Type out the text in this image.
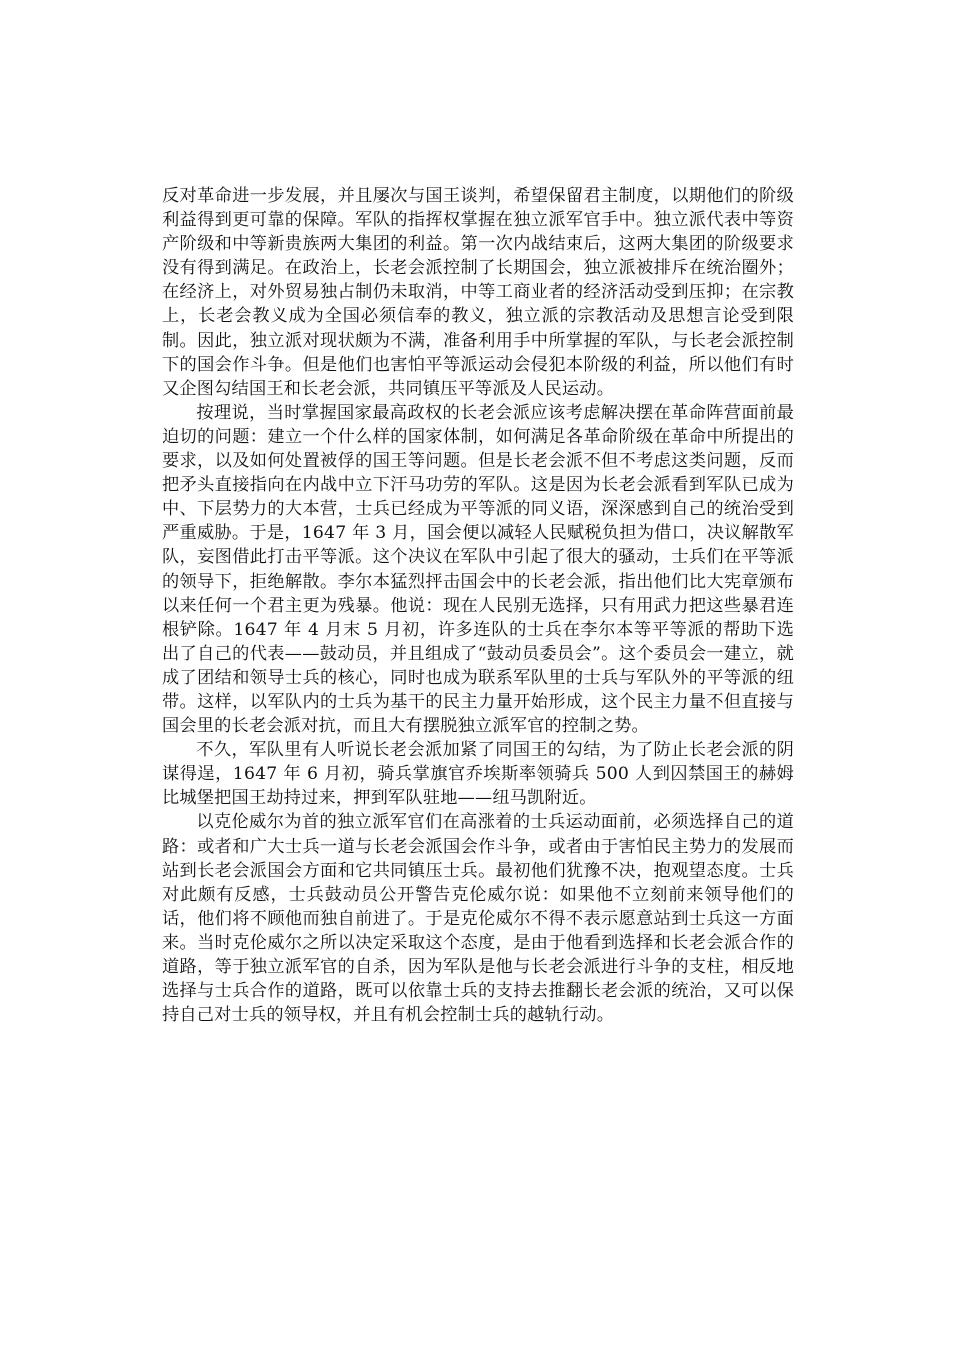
反对革命进一步发展，并且屡次与国王谈判，希望保留君主制度，以期他们的阶级利益得到更可靠的保障。军队的指挥权掌握在独立派军官手中。独立派代表中等资产阶级和中等新贵族两大集团的利益。第一次内战结束后，这两大集团的阶级要求没有得到满足。在政治上，长老会派控制了长期国会，独立派被排斥在统治圈外；在经济上，对外贸易独占制仍未取消，中等工商业者的经济活动受到压抑；在宗教上，长老会教义成为全国必须信奉的教义，独立派的宗教活动及思想言论受到限制。因此，独立派对现状颇为不满，准备利用手中所掌握的军队，与长老会派控制下的国会作斗争。但是他们也害怕平等派运动会侵犯本阶级的利益，所以他们有时又企图勾结国王和长老会派，共同镇压平等派及人民运动。

按理说，当时掌握国家最高政权的长老会派应该考虑解决摆在革命阵营面前最迫切的问题：建立一个什么样的国家体制，如何满足各革命阶级在革命中所提出的要求，以及如何处置被俘的国王等问题。但是长老会派不但不考虑这类问题，反而把矛头直接指向在内战中立下汗马功劳的军队。这是因为长老会派看到军队已成为中、下层势力的大本营，士兵已经成为平等派的同义语，深深感到自己的统治受到严重威胁。于是，1647 年 3 月，国会便以减轻人民赋税负担为借口，决议解散军队，妄图借此打击平等派。这个决议在军队中引起了很大的骚动，士兵们在平等派的领导下，拒绝解散。李尔本猛烈抨击国会中的长老会派，指出他们比大宪章颁布以来任何一个君主更为残暴。他说：现在人民别无选择，只有用武力把这些暴君连根铲除。1647 年 4 月末 5 月初，许多连队的士兵在李尔本等平等派的帮助下选出了自己的代表——鼓动员，并且组成了“鼓动员委员会”。这个委员会一建立，就成了团结和领导士兵的核心，同时也成为联系军队里的士兵与军队外的平等派的纽带。这样，以军队内的士兵为基干的民主力量开始形成，这个民主力量不但直接与国会里的长老会派对抗，而且大有摆脱独立派军官的控制之势。

不久，军队里有人听说长老会派加紧了同国王的勾结，为了防止长老会派的阴谋得逞，1647 年 6 月初，骑兵掌旗官乔埃斯率领骑兵 500 人到囚禁国王的赫姆比城堡把国王劫持过来，押到军队驻地——纽马凯附近。

以克伦威尔为首的独立派军官们在高涨着的士兵运动面前，必须选择自己的道路：或者和广大士兵一道与长老会派国会作斗争，或者由于害怕民主势力的发展而站到长老会派国会方面和它共同镇压士兵。最初他们犹豫不决，抱观望态度。士兵对此颇有反感，士兵鼓动员公开警告克伦威尔说：如果他不立刻前来领导他们的话，他们将不顾他而独自前进了。于是克伦威尔不得不表示愿意站到士兵这一方面来。当时克伦威尔之所以决定采取这个态度，是由于他看到选择和长老会派合作的道路，等于独立派军官的自杀，因为军队是他与长老会派进行斗争的支柱，相反地选择与士兵合作的道路，既可以依靠士兵的支持去推翻长老会派的统治，又可以保持自己对士兵的领导权，并且有机会控制士兵的越轨行动。
